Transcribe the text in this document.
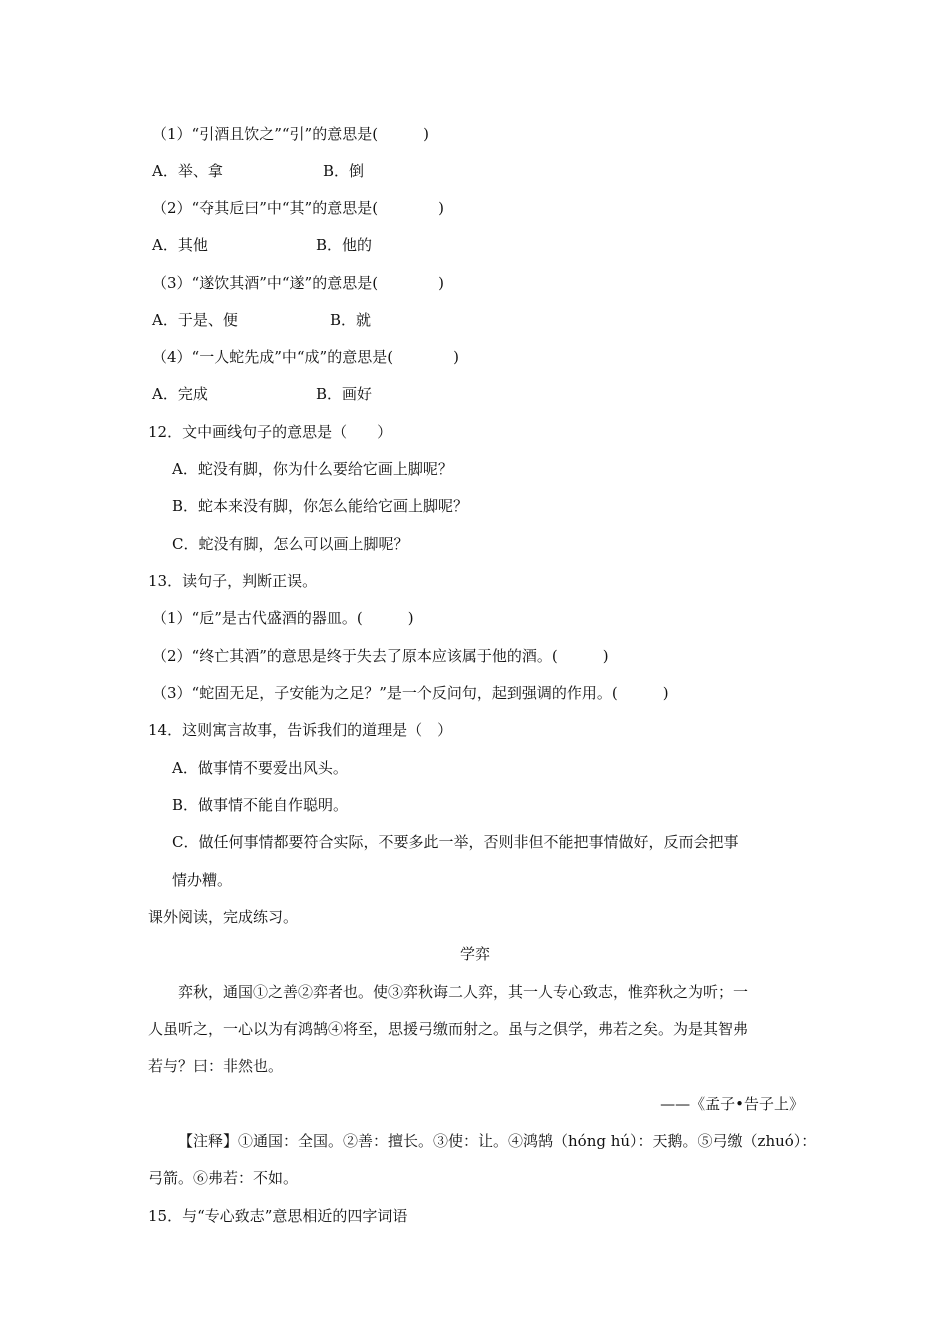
（1）“引酒且饮之”“引”的意思是(　　　)
A．举、拿	B．倒
（2）“夺其卮曰”中“其”的意思是(　　　　)
A．其他	B．他的
（3）“遂饮其酒”中“遂”的意思是(　　　　)
A．于是、便	B．就
（4）“一人蛇先成”中“成”的意思是(　　　　)
A．完成	B．画好
12．文中画线句子的意思是（　　）
A．蛇没有脚，你为什么要给它画上脚呢？
B．蛇本来没有脚，你怎么能给它画上脚呢？
C．蛇没有脚，怎么可以画上脚呢？
13．读句子，判断正误。
（1）“卮”是古代盛酒的器皿。(　　　)
（2）“终亡其酒”的意思是终于失去了原本应该属于他的酒。(　　　)
（3）“蛇固无足，子安能为之足？”是一个反问句，起到强调的作用。(　　　)
14．这则寓言故事，告诉我们的道理是（　）
A．做事情不要爱出风头。
B．做事情不能自作聪明。
C．做任何事情都要符合实际，不要多此一举，否则非但不能把事情做好，反而会把事
情办糟。
课外阅读，完成练习。
学弈
弈秋，通国①之善②弈者也。使③弈秋诲二人弈，其一人专心致志，惟弈秋之为听；一
人虽听之，一心以为有鸿鹄④将至，思援弓缴而射之。虽与之俱学，弗若之矣。为是其智弗
若与？曰：非然也。
——《孟子•告子上》
【注释】①通国：全国。②善：擅长。③使：让。④鸿鹄（hóng hú）：天鹅。⑤弓缴（zhuó）：
弓箭。⑥弗若：不如。
15．与“专心致志”意思相近的四字词语
